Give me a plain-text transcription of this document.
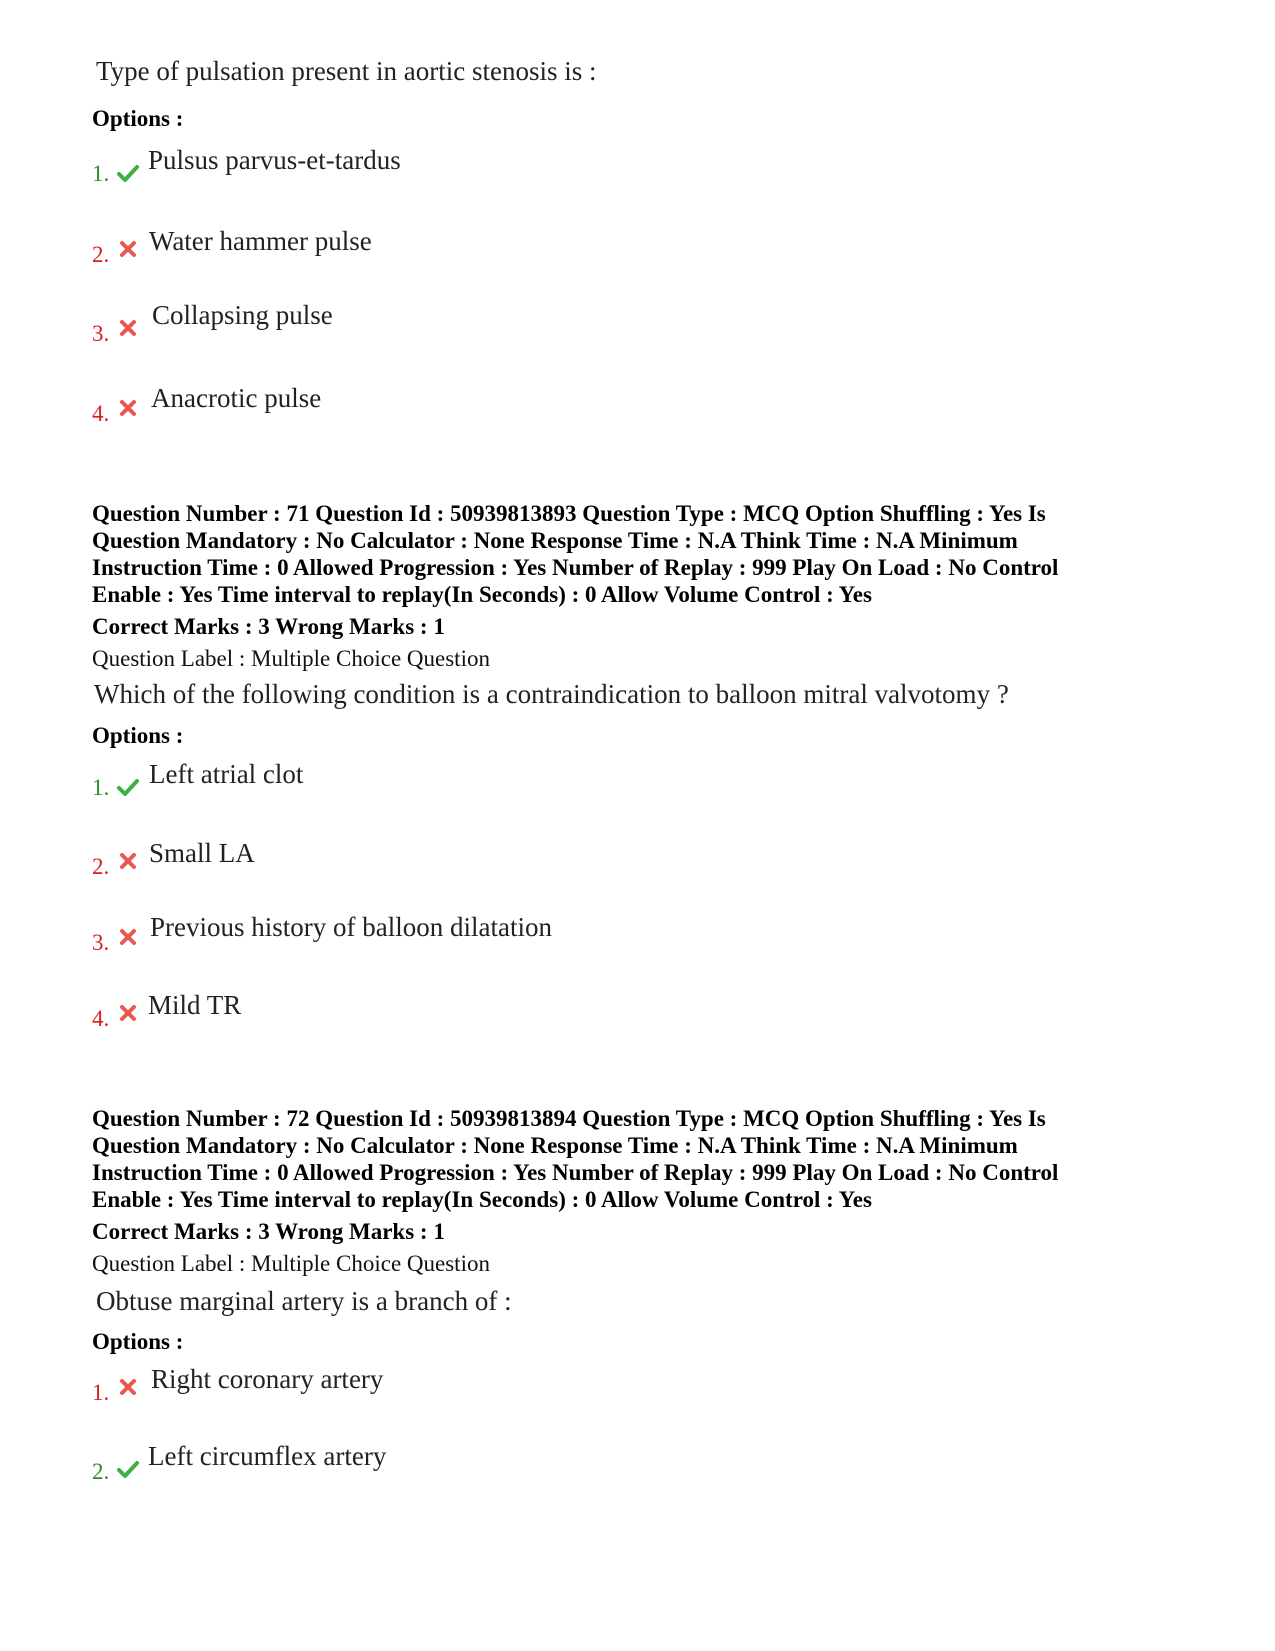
Type of pulsation present in aortic stenosis is :
Options :
1. Pulsus parvus-et-tardus
2. Water hammer pulse
3.
Collapsing pulse
4.
Anacrotic pulse
Question Number : 71 Question Id : 50939813893 Question Type : MCQ Option Shuffling : Yes Is
Question Mandatory : No Calculator : None Response Time : N.A Think Time : N.A Minimum
Instruction Time : 0 Allowed Progression : Yes Number of Replay : 999 Play On Load : No Control
Enable : Yes Time interval to replay(In Seconds) : 0 Allow Volume Control : Yes
Correct Marks : 3 Wrong Marks : 1
Question Label : Multiple Choice Question
Which of the following condition is a contraindication to balloon mitral valvotomy ?
Options :
1. Left atrial clot
2. Small LA
3.
Previous history of balloon dilatation
4. Mild TR
Question Number : 72 Question Id : 50939813894 Question Type : MCQ Option Shuffling : Yes Is
Question Mandatory : No Calculator : None Response Time : N.A Think Time : N.A Minimum
Instruction Time : 0 Allowed Progression : Yes Number of Replay : 999 Play On Load : No Control
Enable : Yes Time interval to replay(In Seconds) : 0 Allow Volume Control : Yes
Correct Marks : 3 Wrong Marks : 1
Question Label : Multiple Choice Question
Obtuse marginal artery is a branch of :
Options :
1. Right coronary artery
2.
Left circumflex artery
